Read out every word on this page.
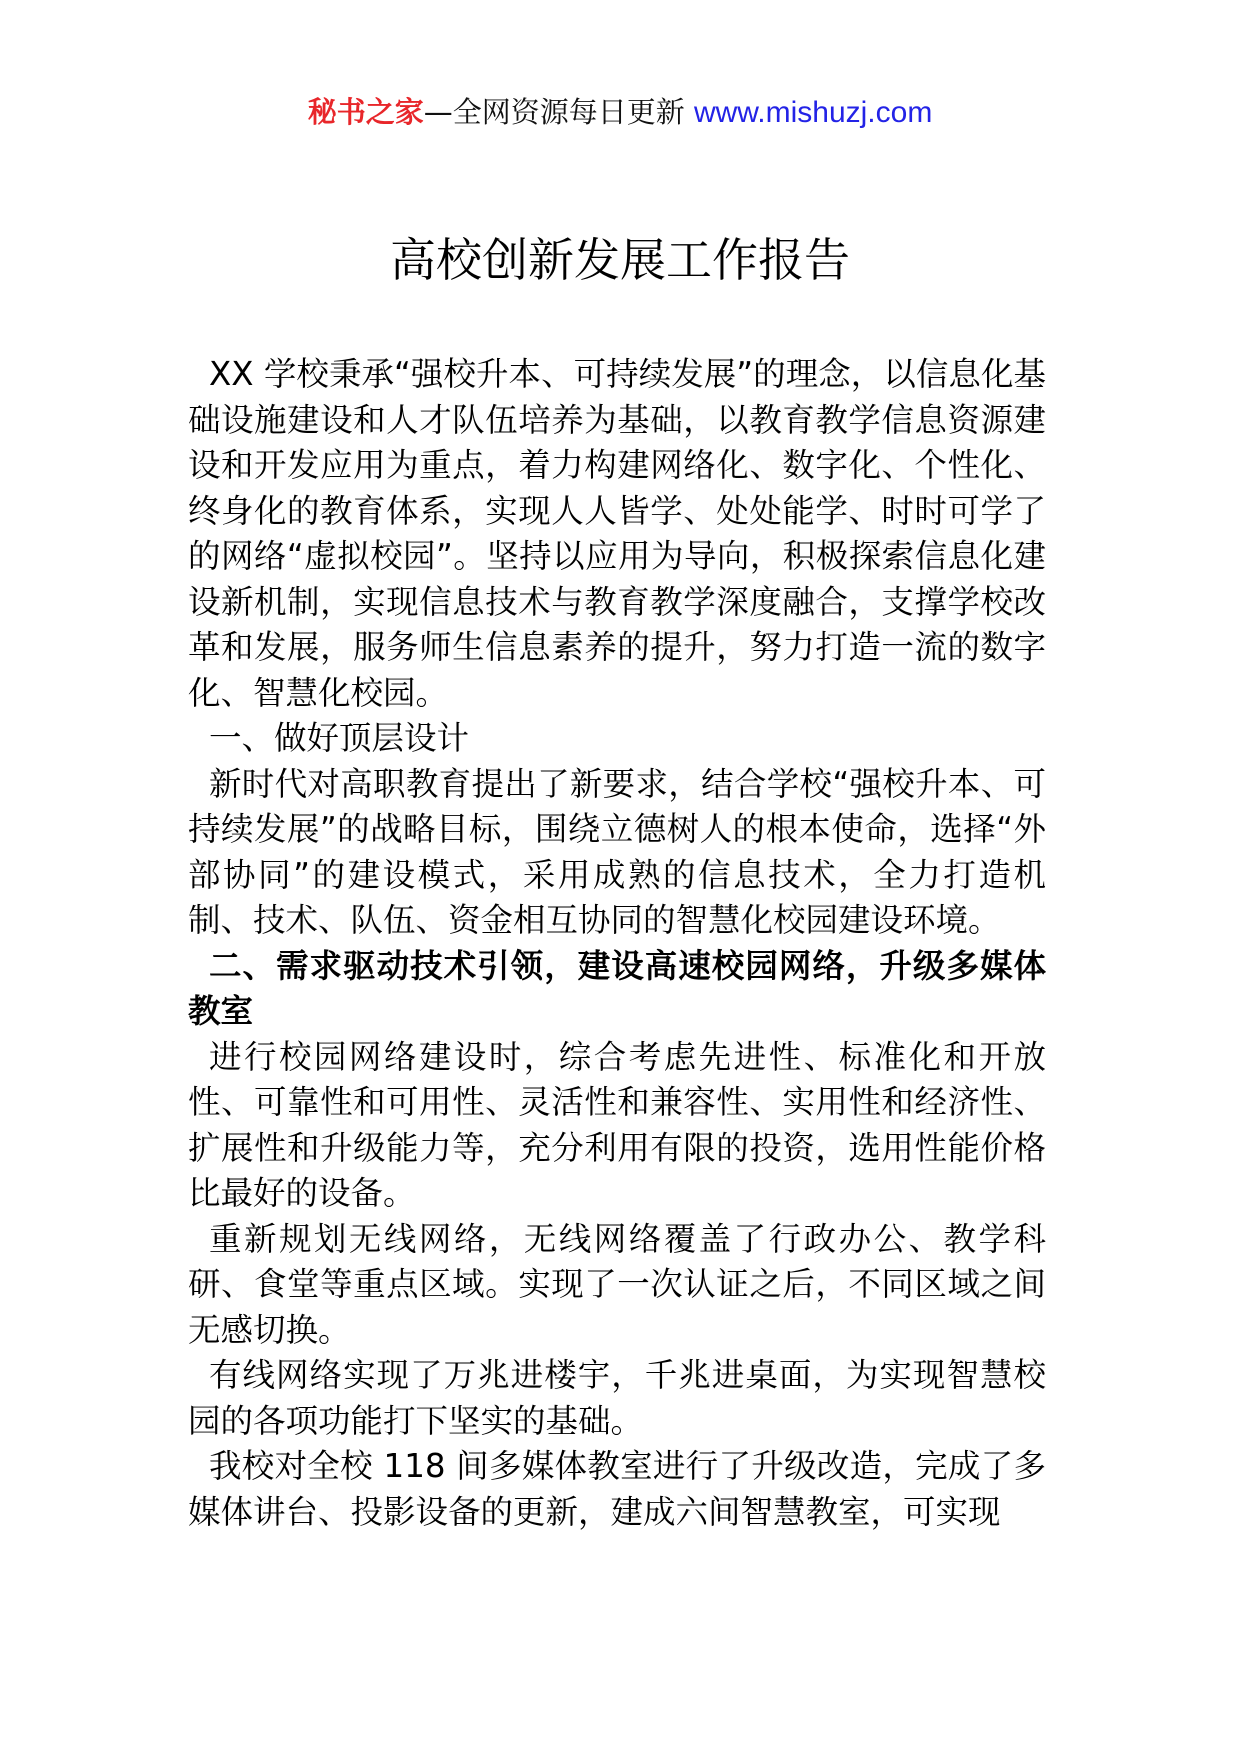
秘书之家—全网资源每日更新 www.mishuzj.com
高校创新发展工作报告

XX 学校秉承“强校升本、可持续发展”的理念，以信息化基础设施建设和人才队伍培养为基础，以教育教学信息资源建设和开发应用为重点，着力构建网络化、数字化、个性化、终身化的教育体系，实现人人皆学、处处能学、时时可学了的网络“虚拟校园”。坚持以应用为导向，积极探索信息化建设新机制，实现信息技术与教育教学深度融合，支撑学校改革和发展，服务师生信息素养的提升，努力打造一流的数字化、智慧化校园。

一、做好顶层设计

新时代对高职教育提出了新要求，结合学校“强校升本、可持续发展”的战略目标，围绕立德树人的根本使命，选择“外部协同”的建设模式，采用成熟的信息技术，全力打造机制、技术、队伍、资金相互协同的智慧化校园建设环境。

二、需求驱动技术引领，建设高速校园网络，升级多媒体教室

进行校园网络建设时，综合考虑先进性、标准化和开放性、可靠性和可用性、灵活性和兼容性、实用性和经济性、扩展性和升级能力等，充分利用有限的投资，选用性能价格比最好的设备。

重新规划无线网络，无线网络覆盖了行政办公、教学科研、食堂等重点区域。实现了一次认证之后，不同区域之间无感切换。

有线网络实现了万兆进楼宇，千兆进桌面，为实现智慧校园的各项功能打下坚实的基础。

我校对全校 118 间多媒体教室进行了升级改造，完成了多媒体讲台、投影设备的更新，建成六间智慧教室，可实现
